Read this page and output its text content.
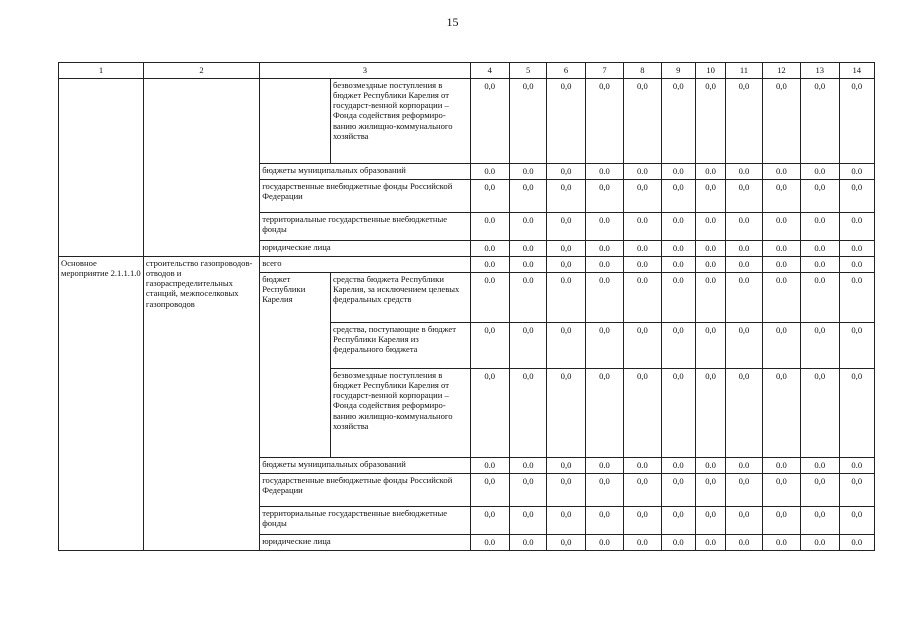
15
1	2	3		4	5	6	7	8	9	10	11	12	13	14
			безвозмездные поступления в бюджет Республики Карелия от государст-венной корпорации – Фонда содействия реформиро-ванию жилищно-коммунального хозяйства	0,0	0,0	0,0	0,0	0,0	0,0	0,0	0,0	0,0	0,0	0,0
		бюджеты муниципальных образований		0.0	0.0	0,0	0.0	0.0	0.0	0.0	0.0	0.0	0.0	0.0
		государственные внебюджетные фонды Российской Федерации		0,0	0,0	0,0	0,0	0,0	0,0	0,0	0,0	0,0	0,0	0,0
		территориальные государственные внебюджетные фонды		0.0	0.0	0,0	0.0	0.0	0.0	0.0	0.0	0.0	0.0	0.0
		юридические лица		0.0	0.0	0,0	0.0	0.0	0.0	0.0	0.0	0.0	0.0	0.0
Основное мероприятие 2.1.1.1.0	строительство газопроводов-отводов и газораспределительных станций, межпоселковых газопроводов	всего		0.0	0.0	0,0	0.0	0.0	0.0	0.0	0.0	0.0	0.0	0.0
		бюджет Республики Карелия	средства бюджета Республики Карелия, за исключением целевых федеральных средств	0.0	0.0	0.0	0.0	0.0	0.0	0.0	0.0	0.0	0.0	0.0
			средства, поступающие в бюджет Республики Карелия из федерального бюджета	0,0	0,0	0,0	0,0	0,0	0,0	0,0	0,0	0,0	0,0	0,0
			безвозмездные поступления в бюджет Республики Карелия от государст-венной корпорации – Фонда содействия реформиро-ванию жилищно-коммунального хозяйства	0,0	0,0	0,0	0,0	0,0	0,0	0,0	0,0	0,0	0,0	0,0
		бюджеты муниципальных образований		0.0	0.0	0,0	0.0	0.0	0.0	0.0	0.0	0.0	0.0	0.0
		государственные внебюджетные фонды Российской Федерации		0,0	0,0	0,0	0,0	0,0	0,0	0,0	0,0	0,0	0,0	0,0
		территориальные государственные внебюджетные фонды		0,0	0,0	0,0	0,0	0,0	0,0	0,0	0,0	0,0	0,0	0,0
		юридические лица		0.0	0.0	0,0	0.0	0.0	0.0	0.0	0.0	0.0	0.0	0.0
